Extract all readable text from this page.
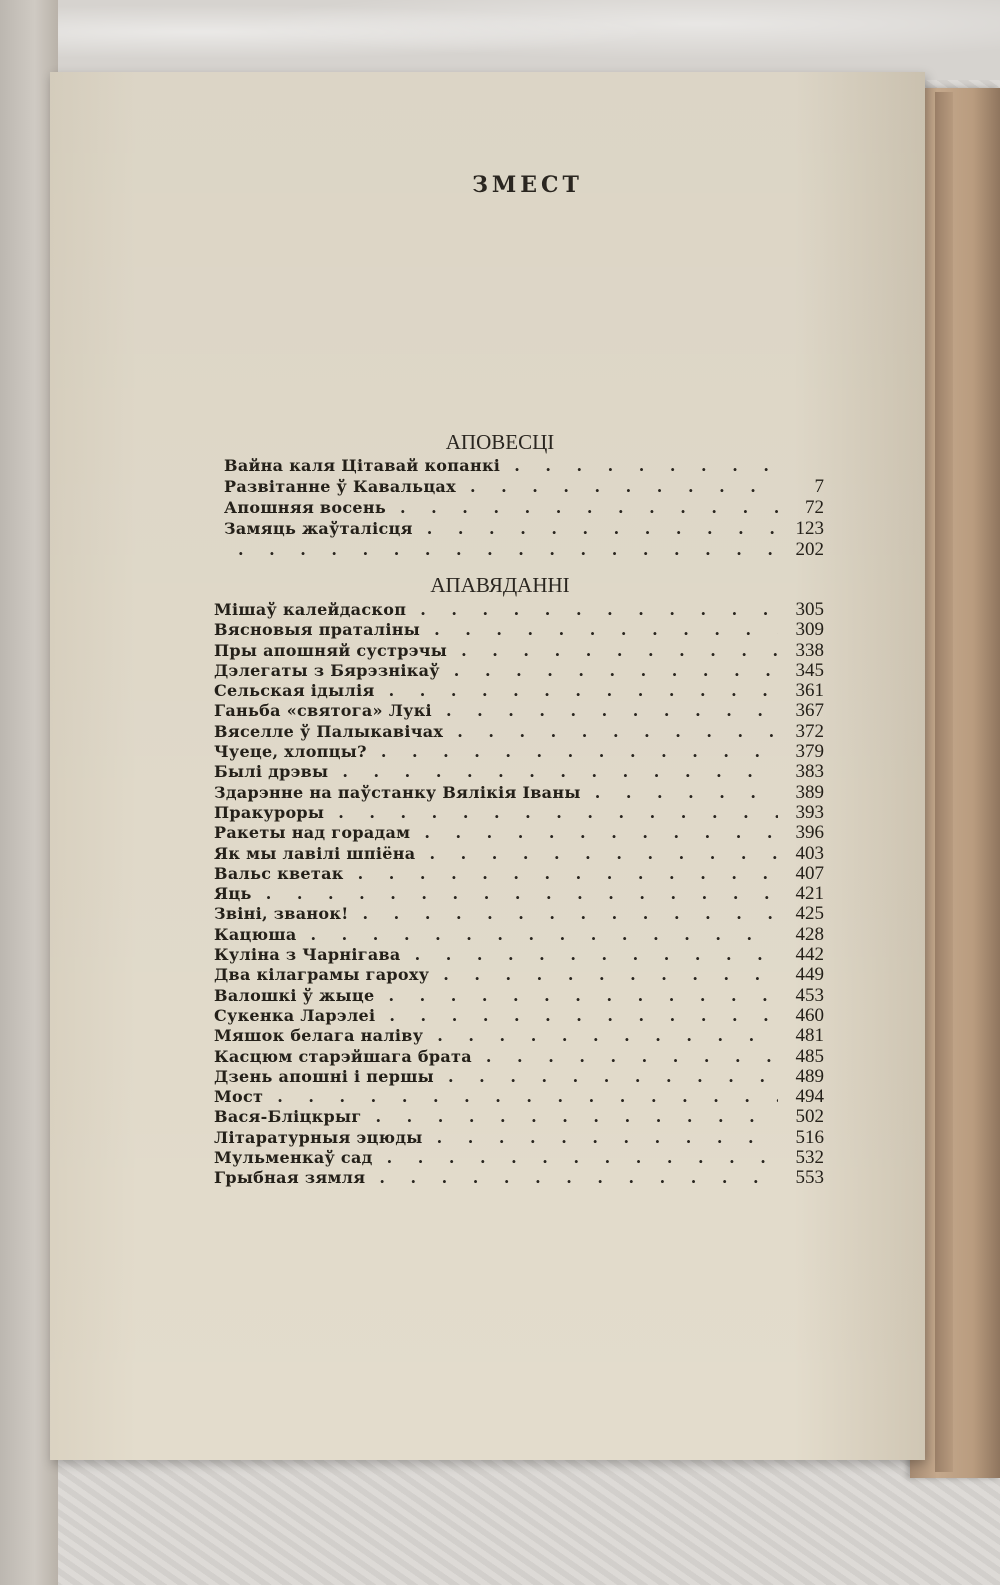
ЗМЕСТ
АПОВЕСЦІ
. . .
Вайна каля Цітавай копанкі
. . .
Развітанне ў Кавальцах	7
. . .
Апошняя восень	72
. . .
Замяць жаўталісця	123
. . .
202
АПАВЯДАННІ
. . .
Мішаў калейдаскоп	305
. . .
Вясновыя праталіны	309
. . .
Пры апошняй сустрэчы	338
. . .
Дэлегаты з Бярэзнікаў	345
. . .
Сельская ідылія	361
. . .
Ганьба «святога» Лукі	367
. . .
Вяселле ў Палыкавічах	372
. . .
Чуеце, хлопцы?	379
. . .
Былі дрэвы	383
. . .
Здарэнне на паўстанку Вялікія Іваны	389
. . .
Пракуроры	393
. . .
Ракеты над горадам	396
. . .
Як мы лавілі шпіёна	403
. . .
Вальс кветак	407
. . .
Яць	421
. . .
Звіні, званок!	425
. . .
Кацюша	428
. . .
Куліна з Чарнігава	442
. . .
Два кілаграмы гароху	449
. . .
Валошкі ў жыце	453
. . .
Сукенка Ларэлеі	460
. . .
Мяшок белага наліву	481
. . .
Касцюм старэйшага брата	485
. . .
Дзень апошні і першы	489
. . .
Мост	494
. . .
Вася-Бліцкрыг	502
. . .
Літаратурныя эцюды	516
. . .
Мульменкаў сад	532
. . .
Грыбная зямля	553
